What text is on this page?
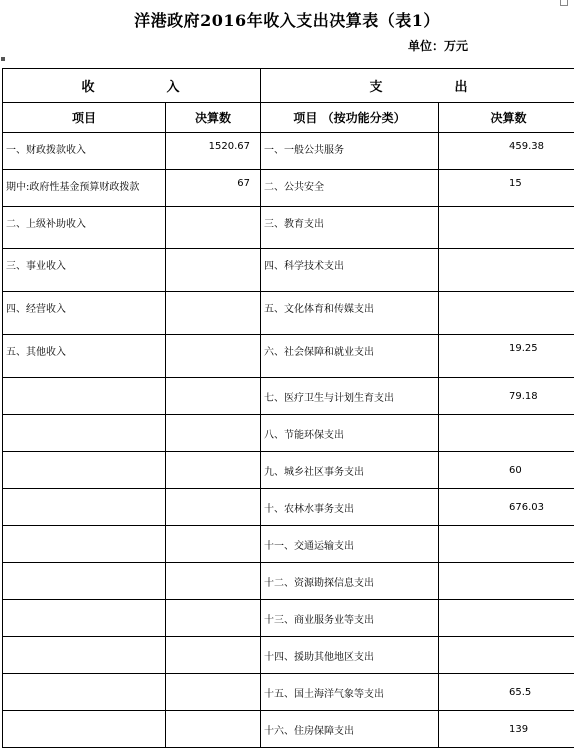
洋港政府2016年收入支出决算表（表1）
单位：万元
收 入		支 出	
项目	决算数	项目 （按功能分类）	决算数
一、财政拨款收入	1520.67	一、一般公共服务	459.38
期中:政府性基金预算财政拨款	67	二、公共安全	15
二、上级补助收入		三、教育支出	
三、事业收入		四、科学技术支出	
四、经营收入		五、文化体育和传媒支出	
五、其他收入		六、社会保障和就业支出	19.25
		七、医疗卫生与计划生育支出	79.18
		八、节能环保支出	
		九、城乡社区事务支出	60
		十、农林水事务支出	676.03
		十一、交通运输支出	
		十二、资源勘探信息支出	
		十三、商业服务业等支出	
		十四、援助其他地区支出	
		十五、国土海洋气象等支出	65.5
		十六、住房保障支出	139
